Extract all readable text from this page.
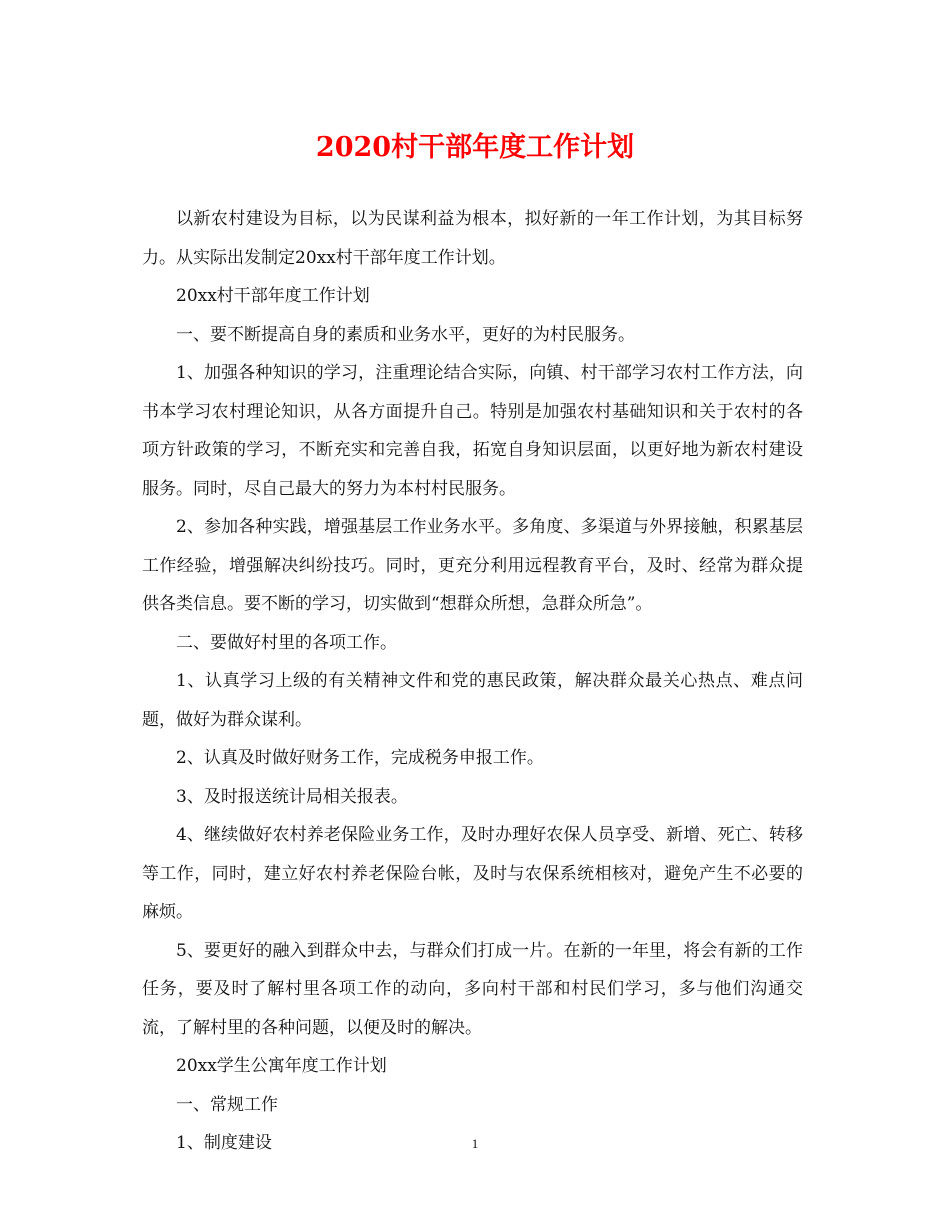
2020村干部年度工作计划

以新农村建设为目标，以为民谋利益为根本，拟好新的一年工作计划，为其目标努力。从实际出发制定20xx村干部年度工作计划。

20xx村干部年度工作计划

一、要不断提高自身的素质和业务水平，更好的为村民服务。

1、加强各种知识的学习，注重理论结合实际，向镇、村干部学习农村工作方法，向书本学习农村理论知识，从各方面提升自己。特别是加强农村基础知识和关于农村的各项方针政策的学习，不断充实和完善自我，拓宽自身知识层面，以更好地为新农村建设服务。同时，尽自己最大的努力为本村村民服务。

2、参加各种实践，增强基层工作业务水平。多角度、多渠道与外界接触，积累基层工作经验，增强解决纠纷技巧。同时，更充分利用远程教育平台，及时、经常为群众提供各类信息。要不断的学习，切实做到“想群众所想，急群众所急”。

二、要做好村里的各项工作。

1、认真学习上级的有关精神文件和党的惠民政策，解决群众最关心热点、难点问题，做好为群众谋利。

2、认真及时做好财务工作，完成税务申报工作。

3、及时报送统计局相关报表。

4、继续做好农村养老保险业务工作，及时办理好农保人员享受、新增、死亡、转移等工作，同时，建立好农村养老保险台帐，及时与农保系统相核对，避免产生不必要的麻烦。

5、要更好的融入到群众中去，与群众们打成一片。在新的一年里，将会有新的工作任务，要及时了解村里各项工作的动向，多向村干部和村民们学习，多与他们沟通交流，了解村里的各种问题，以便及时的解决。

20xx学生公寓年度工作计划

一、常规工作

1、制度建设	1
